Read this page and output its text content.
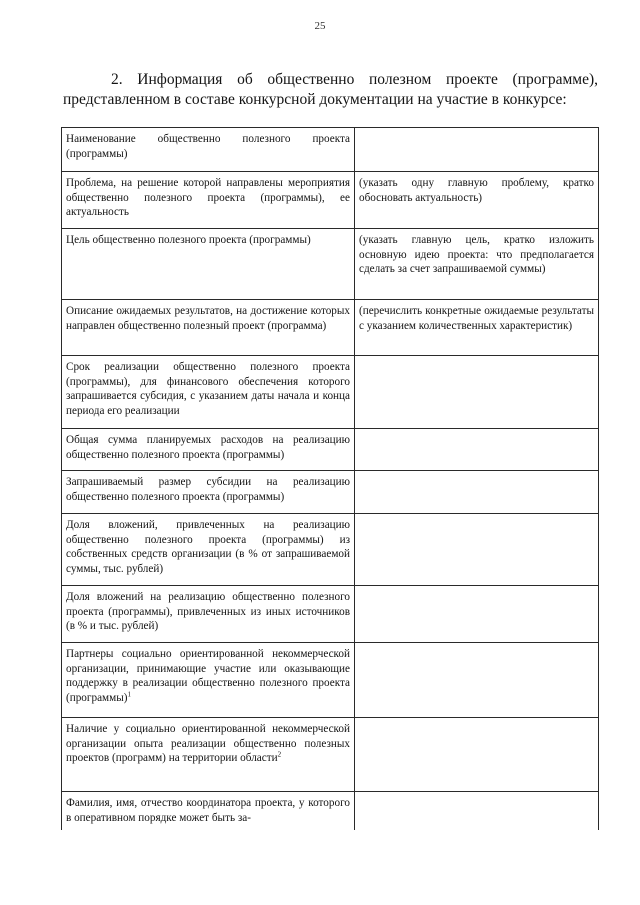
25
2. Информация об общественно полезном проекте (программе), представленном в составе конкурсной документации на участие в конкурсе:
Наименование общественно полезного проекта (программы)	
Проблема, на решение которой направлены мероприятия общественно полезного проекта (программы), ее актуальность	(указать одну главную проблему, кратко обосновать актуальность)
Цель общественно полезного проекта (программы)	(указать главную цель, кратко изложить основную идею проекта: что предполагается сделать за счет запрашиваемой суммы)
Описание ожидаемых результатов, на достижение которых направлен общественно полезный проект (программа)	(перечислить конкретные ожидаемые результаты с указанием количественных характеристик)
Срок реализации общественно полезного проекта (программы), для финансового обеспечения которого запрашивается субсидия, с указанием даты начала и конца периода его реализации	
Общая сумма планируемых расходов на реализацию общественно полезного проекта (программы)	
Запрашиваемый размер субсидии на реализацию общественно полезного проекта (программы)	
Доля вложений, привлеченных на реализацию общественно полезного проекта (программы) из собственных средств организации (в % от запрашиваемой суммы, тыс. рублей)	
Доля вложений на реализацию общественно полезного проекта (программы), привлеченных из иных источников (в % и тыс. рублей)	
Партнеры социально ориентированной некоммерческой организации, принимающие участие или оказывающие поддержку в реализации общественно полезного проекта (программы)$^1$	
Наличие у социально ориентированной некоммерческой организации опыта реализации общественно полезных проектов (программ) на территории области$^2$	
Фамилия, имя, отчество координатора проекта, у которого в оперативном порядке может быть за-	
